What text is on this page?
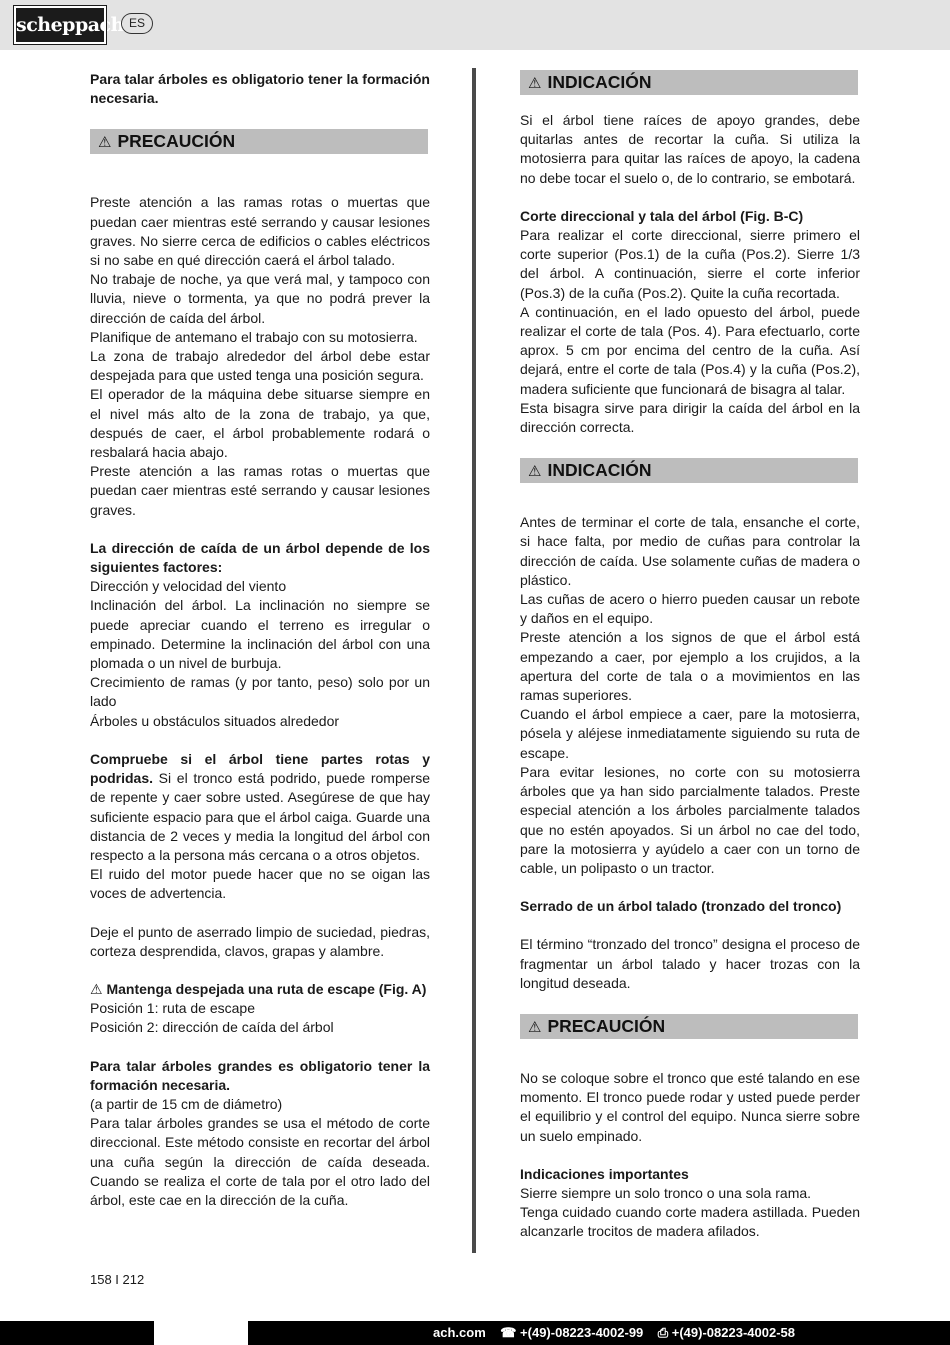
scheppach ES

Para talar árboles es obligatorio tener la formación necesaria.

⚠ PRECAUCIÓN

Preste atención a las ramas rotas o muertas que puedan caer mientras esté serrando y causar lesiones graves. No sierre cerca de edificios o cables eléctricos si no sabe en qué dirección caerá el árbol talado.

No trabaje de noche, ya que verá mal, y tampoco con lluvia, nieve o tormenta, ya que no podrá prever la dirección de caída del árbol.

Planifique de antemano el trabajo con su motosierra.

La zona de trabajo alrededor del árbol debe estar despejada para que usted tenga una posición segura.

El operador de la máquina debe situarse siempre en el nivel más alto de la zona de trabajo, ya que, después de caer, el árbol probablemente rodará o resbalará hacia abajo.

Preste atención a las ramas rotas o muertas que puedan caer mientras esté serrando y causar lesiones graves.

La dirección de caída de un árbol depende de los siguientes factores:

Dirección y velocidad del viento

Inclinación del árbol. La inclinación no siempre se puede apreciar cuando el terreno es irregular o empinado. Determine la inclinación del árbol con una plomada o un nivel de burbuja.

Crecimiento de ramas (y por tanto, peso) solo por un lado

Árboles u obstáculos situados alrededor

Compruebe si el árbol tiene partes rotas y podridas. Si el tronco está podrido, puede romperse de repente y caer sobre usted. Asegúrese de que hay suficiente espacio para que el árbol caiga. Guarde una distancia de 2 veces y media la longitud del árbol con respecto a la persona más cercana o a otros objetos.

El ruido del motor puede hacer que no se oigan las voces de advertencia.

Deje el punto de aserrado limpio de suciedad, piedras, corteza desprendida, clavos, grapas y alambre.

⚠ Mantenga despejada una ruta de escape (Fig. A)

Posición 1: ruta de escape

Posición 2: dirección de caída del árbol

Para talar árboles grandes es obligatorio tener la formación necesaria.

(a partir de 15 cm de diámetro)

Para talar árboles grandes se usa el método de corte direccional. Este método consiste en recortar del árbol una cuña según la dirección de caída deseada. Cuando se realiza el corte de tala por el otro lado del árbol, este cae en la dirección de la cuña.

⚠ INDICACIÓN

Si el árbol tiene raíces de apoyo grandes, debe quitarlas antes de recortar la cuña. Si utiliza la motosierra para quitar las raíces de apoyo, la cadena no debe tocar el suelo o, de lo contrario, se embotará.

Corte direccional y tala del árbol (Fig. B-C)

Para realizar el corte direccional, sierre primero el corte superior (Pos.1) de la cuña (Pos.2). Sierre 1/3 del árbol. A continuación, sierre el corte inferior (Pos.3) de la cuña (Pos.2). Quite la cuña recortada.

A continuación, en el lado opuesto del árbol, puede realizar el corte de tala (Pos. 4). Para efectuarlo, corte aprox. 5 cm por encima del centro de la cuña. Así dejará, entre el corte de tala (Pos.4) y la cuña (Pos.2), madera suficiente que funcionará de bisagra al talar.

Esta bisagra sirve para dirigir la caída del árbol en la dirección correcta.

⚠ INDICACIÓN

Antes de terminar el corte de tala, ensanche el corte, si hace falta, por medio de cuñas para controlar la dirección de caída. Use solamente cuñas de madera o plástico.

Las cuñas de acero o hierro pueden causar un rebote y daños en el equipo.

Preste atención a los signos de que el árbol está empezando a caer, por ejemplo a los crujidos, a la apertura del corte de tala o a movimientos en las ramas superiores.

Cuando el árbol empiece a caer, pare la motosierra, pósela y aléjese inmediatamente siguiendo su ruta de escape.

Para evitar lesiones, no corte con su motosierra árboles que ya han sido parcialmente talados. Preste especial atención a los árboles parcialmente talados que no estén apoyados. Si un árbol no cae del todo, pare la motosierra y ayúdelo a caer con un torno de cable, un polipasto o un tractor.

Serrado de un árbol talado (tronzado del tronco)

El término “tronzado del tronco” designa el proceso de fragmentar un árbol talado y hacer trozas con la longitud deseada.

⚠ PRECAUCIÓN

No se coloque sobre el tronco que esté talando en ese momento. El tronco puede rodar y usted puede perder el equilibrio y el control del equipo. Nunca sierre sobre un suelo empinado.

Indicaciones importantes

Sierre siempre un solo tronco o una sola rama.

Tenga cuidado cuando corte madera astillada. Pueden alcanzarle trocitos de madera afilados.

158 I 212
ach.com ☎ +(49)-08223-4002-99 ⎙ +(49)-08223-4002-58
